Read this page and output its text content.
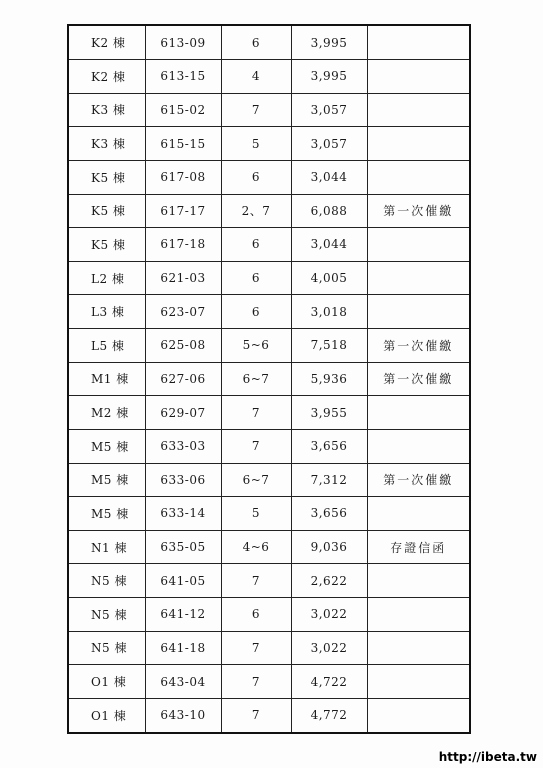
K2 棟	613-09	6	3,995	
K2 棟	613-15	4	3,995	
K3 棟	615-02	7	3,057	
K3 棟	615-15	5	3,057	
K5 棟	617-08	6	3,044	
K5 棟	617-17	2、7	6,088	第一次催繳
K5 棟	617-18	6	3,044	
L2 棟	621-03	6	4,005	
L3 棟	623-07	6	3,018	
L5 棟	625-08	5~6	7,518	第一次催繳
M1 棟	627-06	6~7	5,936	第一次催繳
M2 棟	629-07	7	3,955	
M5 棟	633-03	7	3,656	
M5 棟	633-06	6~7	7,312	第一次催繳
M5 棟	633-14	5	3,656	
N1 棟	635-05	4~6	9,036	存證信函
N5 棟	641-05	7	2,622	
N5 棟	641-12	6	3,022	
N5 棟	641-18	7	3,022	
O1 棟	643-04	7	4,722	
O1 棟	643-10	7	4,772	
http://ibeta.tw
